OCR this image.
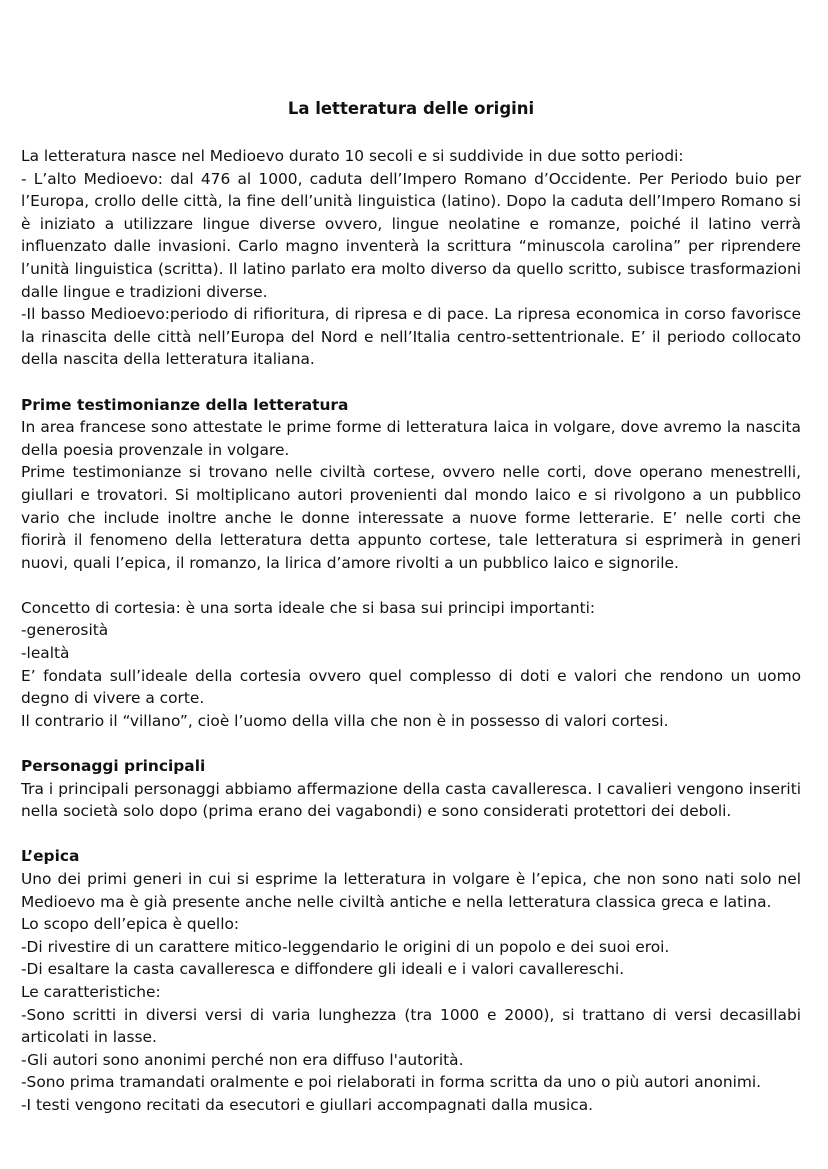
La letteratura delle origini

La letteratura nasce nel Medioevo durato 10 secoli e si suddivide in due sotto periodi:

- L’alto Medioevo: dal 476 al 1000, caduta dell’Impero Romano d’Occidente. Per Periodo buio per l’Europa, crollo delle città, la fine dell’unità linguistica (latino). Dopo la caduta dell’Impero Romano si è iniziato a utilizzare lingue diverse ovvero, lingue neolatine e romanze, poiché il latino verrà influenzato dalle invasioni. Carlo magno inventerà la scrittura “minuscola carolina” per riprendere l’unità linguistica (scritta). Il latino parlato era molto diverso da quello scritto, subisce trasformazioni dalle lingue e tradizioni diverse.

-Il basso Medioevo:periodo di rifioritura, di ripresa e di pace. La ripresa economica in corso favorisce la rinascita delle città nell’Europa del Nord e nell’Italia centro-settentrionale. E’ il periodo collocato della nascita della letteratura italiana.

Prime testimonianze della letteratura

In area francese sono attestate le prime forme di letteratura laica in volgare, dove avremo la nascita della poesia provenzale in volgare.

Prime testimonianze si trovano nelle civiltà cortese, ovvero nelle corti, dove operano menestrelli, giullari e trovatori. Si moltiplicano autori provenienti dal mondo laico e si rivolgono a un pubblico vario che include inoltre anche le donne interessate a nuove forme letterarie. E’ nelle corti che fiorirà il fenomeno della letteratura detta appunto cortese, tale letteratura si esprimerà in generi nuovi, quali l’epica, il romanzo, la lirica d’amore rivolti a un pubblico laico e signorile.

Concetto di cortesia: è una sorta ideale che si basa sui principi importanti:

-generosità

-lealtà

E’ fondata sull’ideale della cortesia ovvero quel complesso di doti e valori che rendono un uomo degno di vivere a corte.

Il contrario il “villano”, cioè l’uomo della villa che non è in possesso di valori cortesi.

Personaggi principali

Tra i principali personaggi abbiamo affermazione della casta cavalleresca. I cavalieri vengono inseriti nella società solo dopo (prima erano dei vagabondi) e sono considerati protettori dei deboli.

L’epica

Uno dei primi generi in cui si esprime la letteratura in volgare è l’epica, che non sono nati solo nel Medioevo ma è già presente anche nelle civiltà antiche e nella letteratura classica greca e latina.

Lo scopo dell’epica è quello:

-Di rivestire di un carattere mitico-leggendario le origini di un popolo e dei suoi eroi.

-Di esaltare la casta cavalleresca e diffondere gli ideali e i valori cavallereschi.

Le caratteristiche:

-Sono scritti in diversi versi di varia lunghezza (tra 1000 e 2000), si trattano di versi decasillabi articolati in lasse.

-Gli autori sono anonimi perché non era diffuso l'autorità.

-Sono prima tramandati oralmente e poi rielaborati in forma scritta da uno o più autori anonimi.

-I testi vengono recitati da esecutori e giullari accompagnati dalla musica.
